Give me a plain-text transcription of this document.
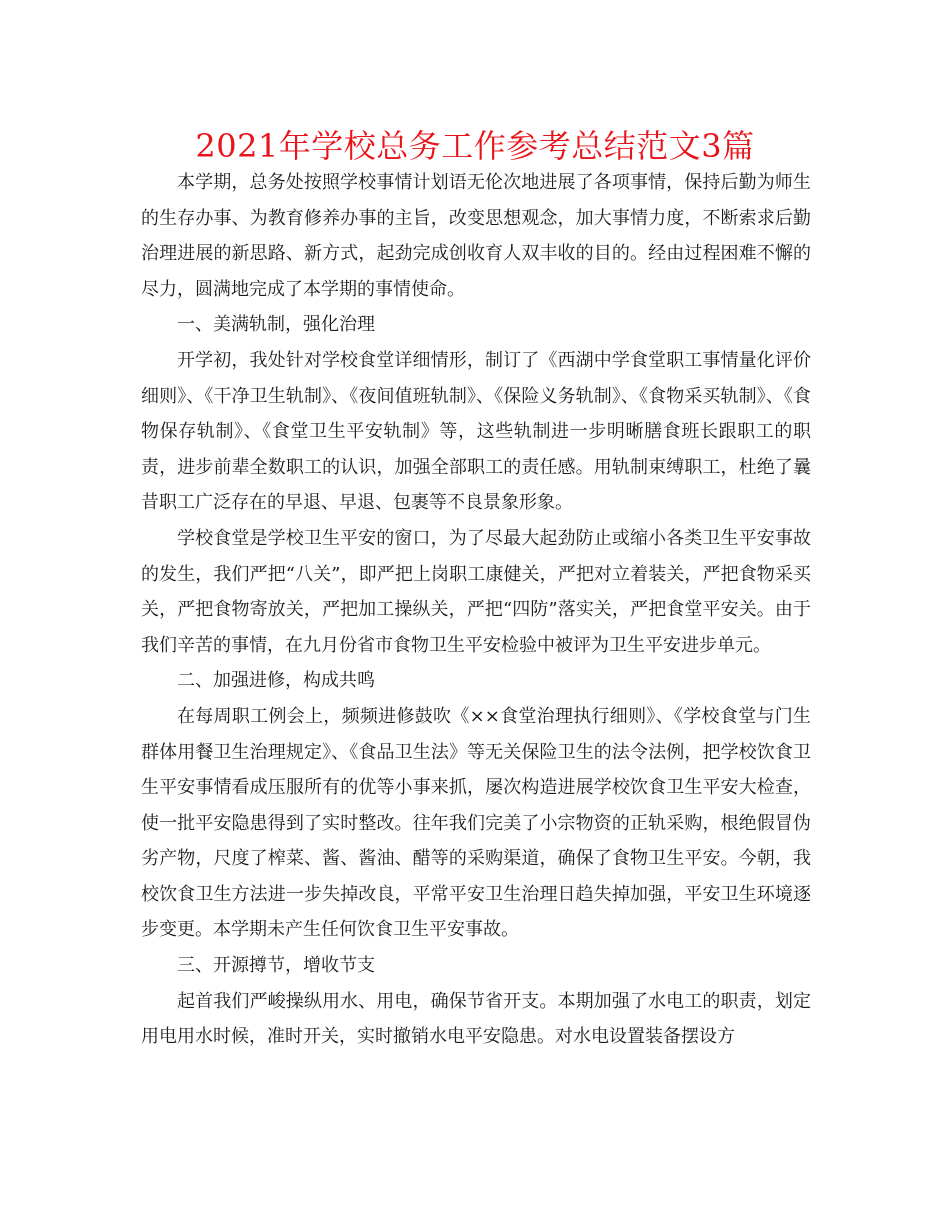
2021年学校总务工作参考总结范文3篇

本学期，总务处按照学校事情计划语无伦次地进展了各项事情，保持后勤为师生的生存办事、为教育修养办事的主旨，改变思想观念，加大事情力度，不断索求后勤治理进展的新思路、新方式，起劲完成创收育人双丰收的目的。经由过程困难不懈的尽力，圆满地完成了本学期的事情使命。

一、美满轨制，强化治理

开学初，我处针对学校食堂详细情形，制订了《西湖中学食堂职工事情量化评价细则》、《干净卫生轨制》、《夜间值班轨制》、《保险义务轨制》、《食物采买轨制》、《食物保存轨制》、《食堂卫生平安轨制》等，这些轨制进一步明晰膳食班长跟职工的职责，进步前辈全数职工的认识，加强全部职工的责任感。用轨制束缚职工，杜绝了曩昔职工广泛存在的早退、早退、包裹等不良景象形象。

学校食堂是学校卫生平安的窗口，为了尽最大起劲防止或缩小各类卫生平安事故的发生，我们严把“八关”，即严把上岗职工康健关，严把对立着装关，严把食物采买关，严把食物寄放关，严把加工操纵关，严把“四防”落实关，严把食堂平安关。由于我们辛苦的事情，在九月份省市食物卫生平安检验中被评为卫生平安进步单元。

二、加强进修，构成共鸣

在每周职工例会上，频频进修鼓吹《××食堂治理执行细则》、《学校食堂与门生群体用餐卫生治理规定》、《食品卫生法》等无关保险卫生的法令法例，把学校饮食卫生平安事情看成压服所有的优等小事来抓，屡次构造进展学校饮食卫生平安大检查，使一批平安隐患得到了实时整改。往年我们完美了小宗物资的正轨采购，根绝假冒伪劣产物，尺度了榨菜、酱、酱油、醋等的采购渠道，确保了食物卫生平安。今朝，我校饮食卫生方法进一步失掉改良，平常平安卫生治理日趋失掉加强，平安卫生环境逐步变更。本学期未产生任何饮食卫生平安事故。

三、开源撙节，增收节支

起首我们严峻操纵用水、用电，确保节省开支。本期加强了水电工的职责，划定用电用水时候，准时开关，实时撤销水电平安隐患。对水电设置装备摆设方
